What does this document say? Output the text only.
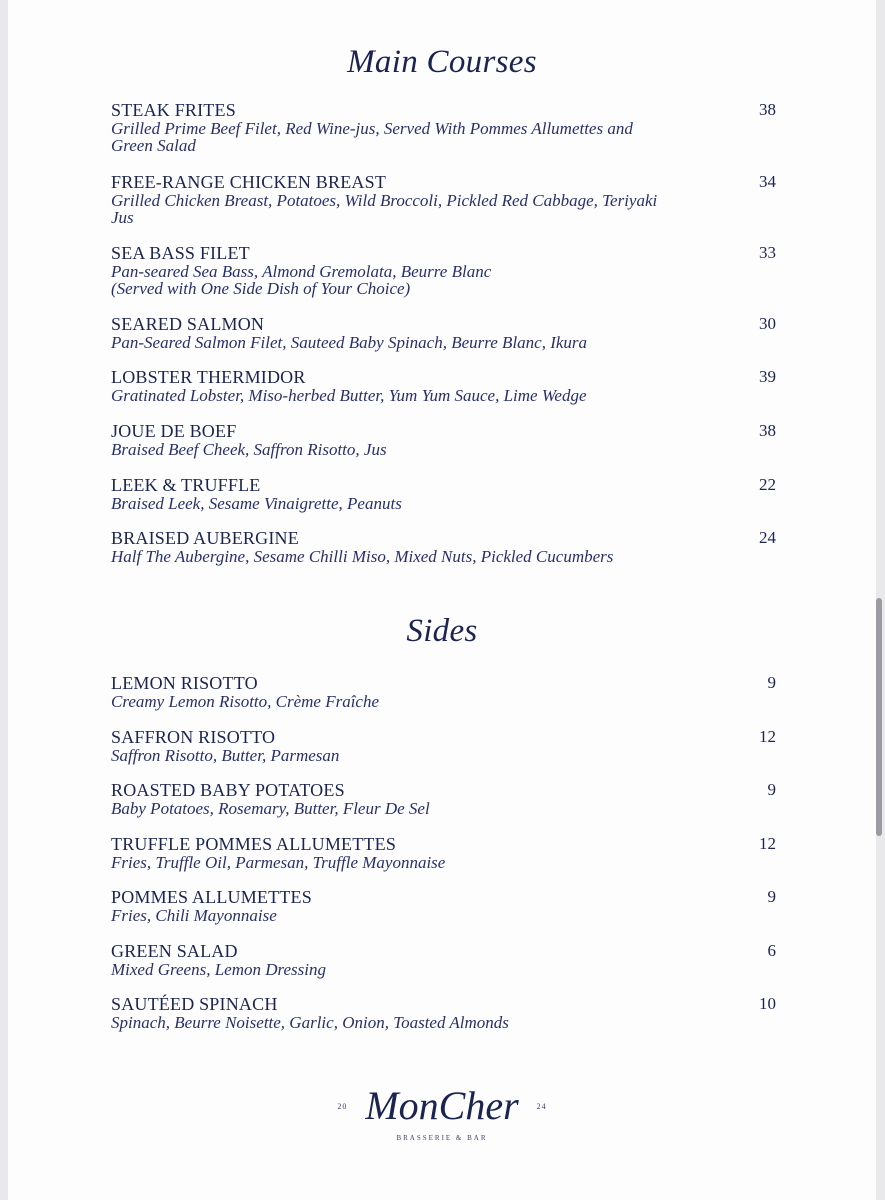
Main Courses
STEAK FRITES
Grilled Prime Beef Filet, Red Wine-jus, Served With Pommes Allumettes and Green Salad
38
FREE-RANGE CHICKEN BREAST
Grilled Chicken Breast, Potatoes, Wild Broccoli, Pickled Red Cabbage, Teriyaki Jus
34
SEA BASS FILET
Pan-seared Sea Bass, Almond Gremolata, Beurre Blanc (Served with One Side Dish of Your Choice)
33
SEARED SALMON
Pan-Seared Salmon Filet, Sauteed Baby Spinach, Beurre Blanc, Ikura
30
LOBSTER THERMIDOR
Gratinated Lobster, Miso-herbed Butter, Yum Yum Sauce, Lime Wedge
39
JOUE DE BOEF
Braised Beef Cheek, Saffron Risotto, Jus
38
LEEK & TRUFFLE
Braised Leek, Sesame Vinaigrette, Peanuts
22
BRAISED AUBERGINE
Half The Aubergine, Sesame Chilli Miso, Mixed Nuts, Pickled Cucumbers
24
Sides
LEMON RISOTTO
Creamy Lemon Risotto, Crème Fraîche
9
SAFFRON RISOTTO
Saffron Risotto, Butter, Parmesan
12
ROASTED BABY POTATOES
Baby Potatoes, Rosemary, Butter, Fleur De Sel
9
TRUFFLE POMMES ALLUMETTES
Fries, Truffle Oil, Parmesan, Truffle Mayonnaise
12
POMMES ALLUMETTES
Fries, Chili Mayonnaise
9
GREEN SALAD
Mixed Greens, Lemon Dressing
6
SAUTÉED SPINACH
Spinach, Beurre Noisette, Garlic, Onion, Toasted Almonds
10
20 MonCher 24
BRASSERIE & BAR
